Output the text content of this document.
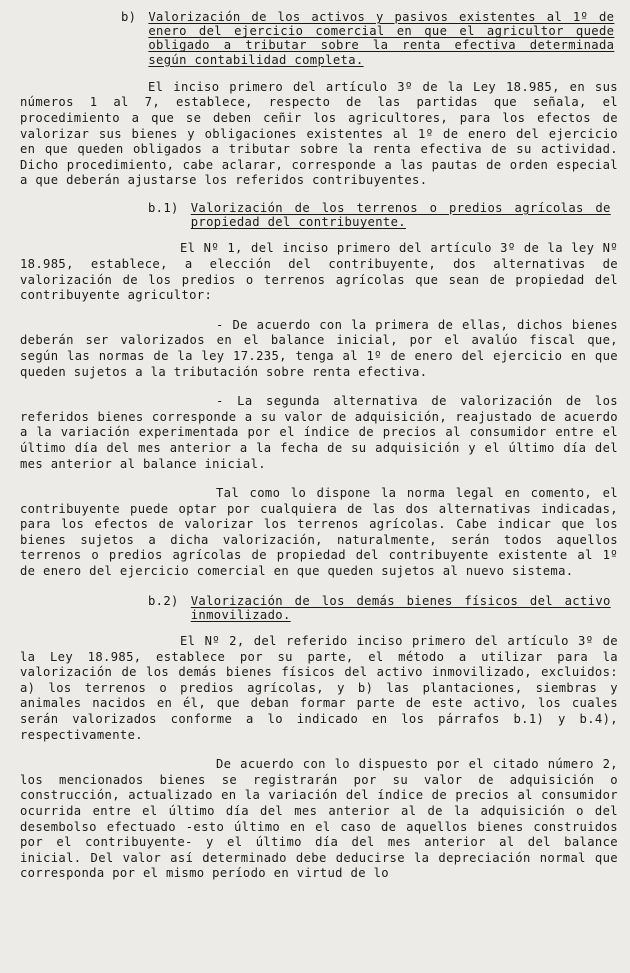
b) Valorización de los activos y pasivos existentes al 1º de enero del ejercicio comercial en que el agricultor quede obligado a tributar sobre la renta efectiva determinada según contabilidad completa.

El inciso primero del artículo 3º de la Ley 18.985, en sus números 1 al 7, establece, respecto de las partidas que señala, el procedimiento a que se deben ceñir los agricultores, para los efectos de valorizar sus bienes y obligaciones existentes al 1º de enero del ejercicio en que queden obligados a tributar sobre la renta efectiva de su actividad. Dicho procedimiento, cabe aclarar, corresponde a las pautas de orden especial a que deberán ajustarse los referidos contribuyentes.

b.1) Valorización de los terrenos o predios agrícolas de propiedad del contribuyente.

El Nº 1, del inciso primero del artículo 3º de la ley Nº 18.985, establece, a elección del contribuyente, dos alternativas de valorización de los predios o terrenos agrícolas que sean de propiedad del contribuyente agricultor:

- De acuerdo con la primera de ellas, dichos bienes deberán ser valorizados en el balance inicial, por el avalúo fiscal que, según las normas de la ley 17.235, tenga al 1º de enero del ejercicio en que queden sujetos a la tributación sobre renta efectiva.

- La segunda alternativa de valorización de los referidos bienes corresponde a su valor de adquisición, reajustado de acuerdo a la variación experimentada por el índice de precios al consumidor entre el último día del mes anterior a la fecha de su adquisición y el último día del mes anterior al balance inicial.

Tal como lo dispone la norma legal en comento, el contribuyente puede optar por cualquiera de las dos alternativas indicadas, para los efectos de valorizar los terrenos agrícolas. Cabe indicar que los bienes sujetos a dicha valorización, naturalmente, serán todos aquellos terrenos o predios agrícolas de propiedad del contribuyente existente al 1º de enero del ejercicio comercial en que queden sujetos al nuevo sistema.

b.2) Valorización de los demás bienes físicos del activo inmovilizado.

El Nº 2, del referido inciso primero del artículo 3º de la Ley 18.985, establece por su parte, el método a utilizar para la valorización de los demás bienes físicos del activo inmovilizado, excluidos: a) los terrenos o predios agrícolas, y b) las plantaciones, siembras y animales nacidos en él, que deban formar parte de este activo, los cuales serán valorizados conforme a lo indicado en los párrafos b.1) y b.4), respectivamente.

De acuerdo con lo dispuesto por el citado número 2, los mencionados bienes se registrarán por su valor de adquisición o construcción, actualizado en la variación del índice de precios al consumidor ocurrida entre el último día del mes anterior al de la adquisición o del desembolso efectuado -esto último en el caso de aquellos bienes construidos por el contribuyente- y el último día del mes anterior al del balance inicial. Del valor así determinado debe deducirse la depreciación normal que corresponda por el mismo período en virtud de lo
